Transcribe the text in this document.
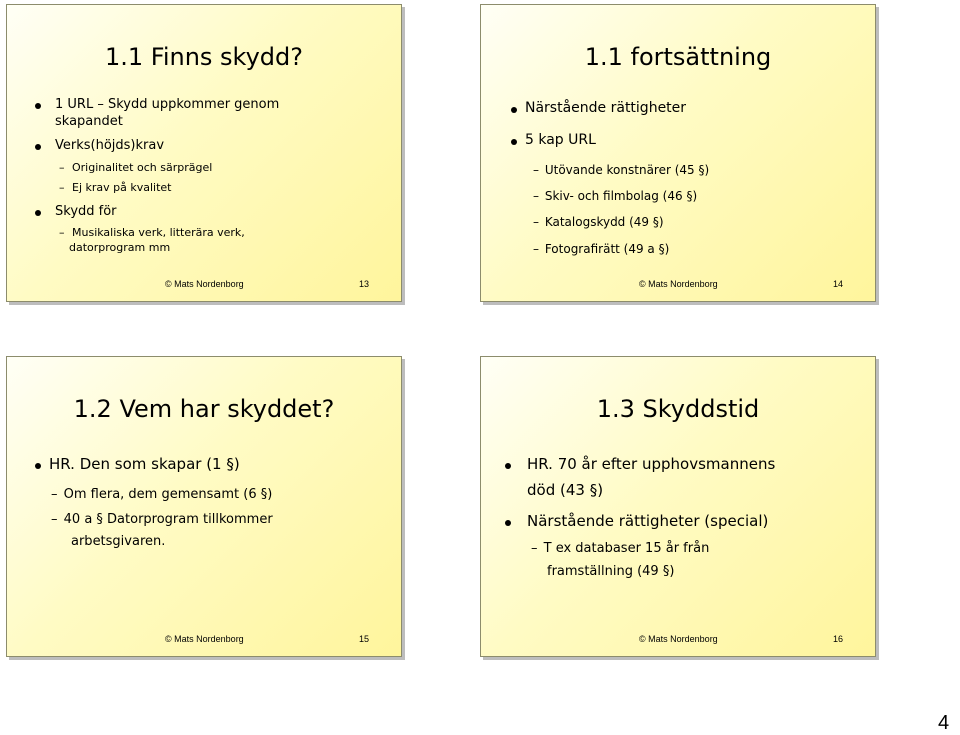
1.1 Finns skydd?
1 URL – Skydd uppkommer genom
skapandet
Verks(höjds)krav
– Originalitet och särprägel
– Ej krav på kvalitet
Skydd för
– Musikaliska verk, litterära verk,
datorprogram mm
© Mats Nordenborg	13
1.1 fortsättning
Närstående rättigheter
5 kap URL
– Utövande konstnärer (45 §)
– Skiv- och filmbolag (46 §)
– Katalogskydd (49 §)
– Fotografirätt (49 a §)
© Mats Nordenborg	14
1.2 Vem har skyddet?
HR. Den som skapar (1 §)
– Om flera, dem gemensamt (6 §)
– 40 a § Datorprogram tillkommer
arbetsgivaren.
© Mats Nordenborg	15
1.3 Skyddstid
HR. 70 år efter upphovsmannens
död (43 §)
Närstående rättigheter (special)
– T ex databaser 15 år från
framställning (49 §)
© Mats Nordenborg	16
4
